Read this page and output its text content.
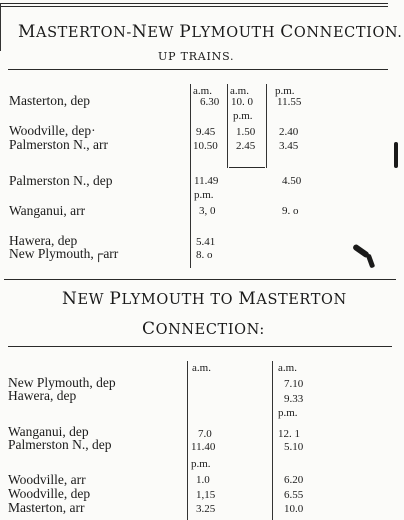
MASTERTON-NEW PLYMOUTH CONNECTION.
UP TRAINS.
a.m. a.m. p.m.
Masterton, dep
Woodville, dep·
Palmerston N., arr
Palmerston N., dep
Wanganui, arr
Hawera, dep
New Plymouth,┌arr
6.30
9.45
10.50
11.49
p.m.
3, 0
5.41
8. o
10. 0
p.m.
1.50
2.45
11.55
2.40
3.45
4.50
9. o
NEW PLYMOUTH TO MASTERTON
CONNECTION:
a.m.	a.m.
New Plymouth, dep
Hawera, dep
Wanganui, dep
Palmerston N., dep
Woodville, arr
Woodville, dep
Masterton, arr
7.0
11.40
p.m.
1.0
1,15
3.25
7.10
9.33
p.m.
12. 1
5.10
6.20
6.55
10.0
